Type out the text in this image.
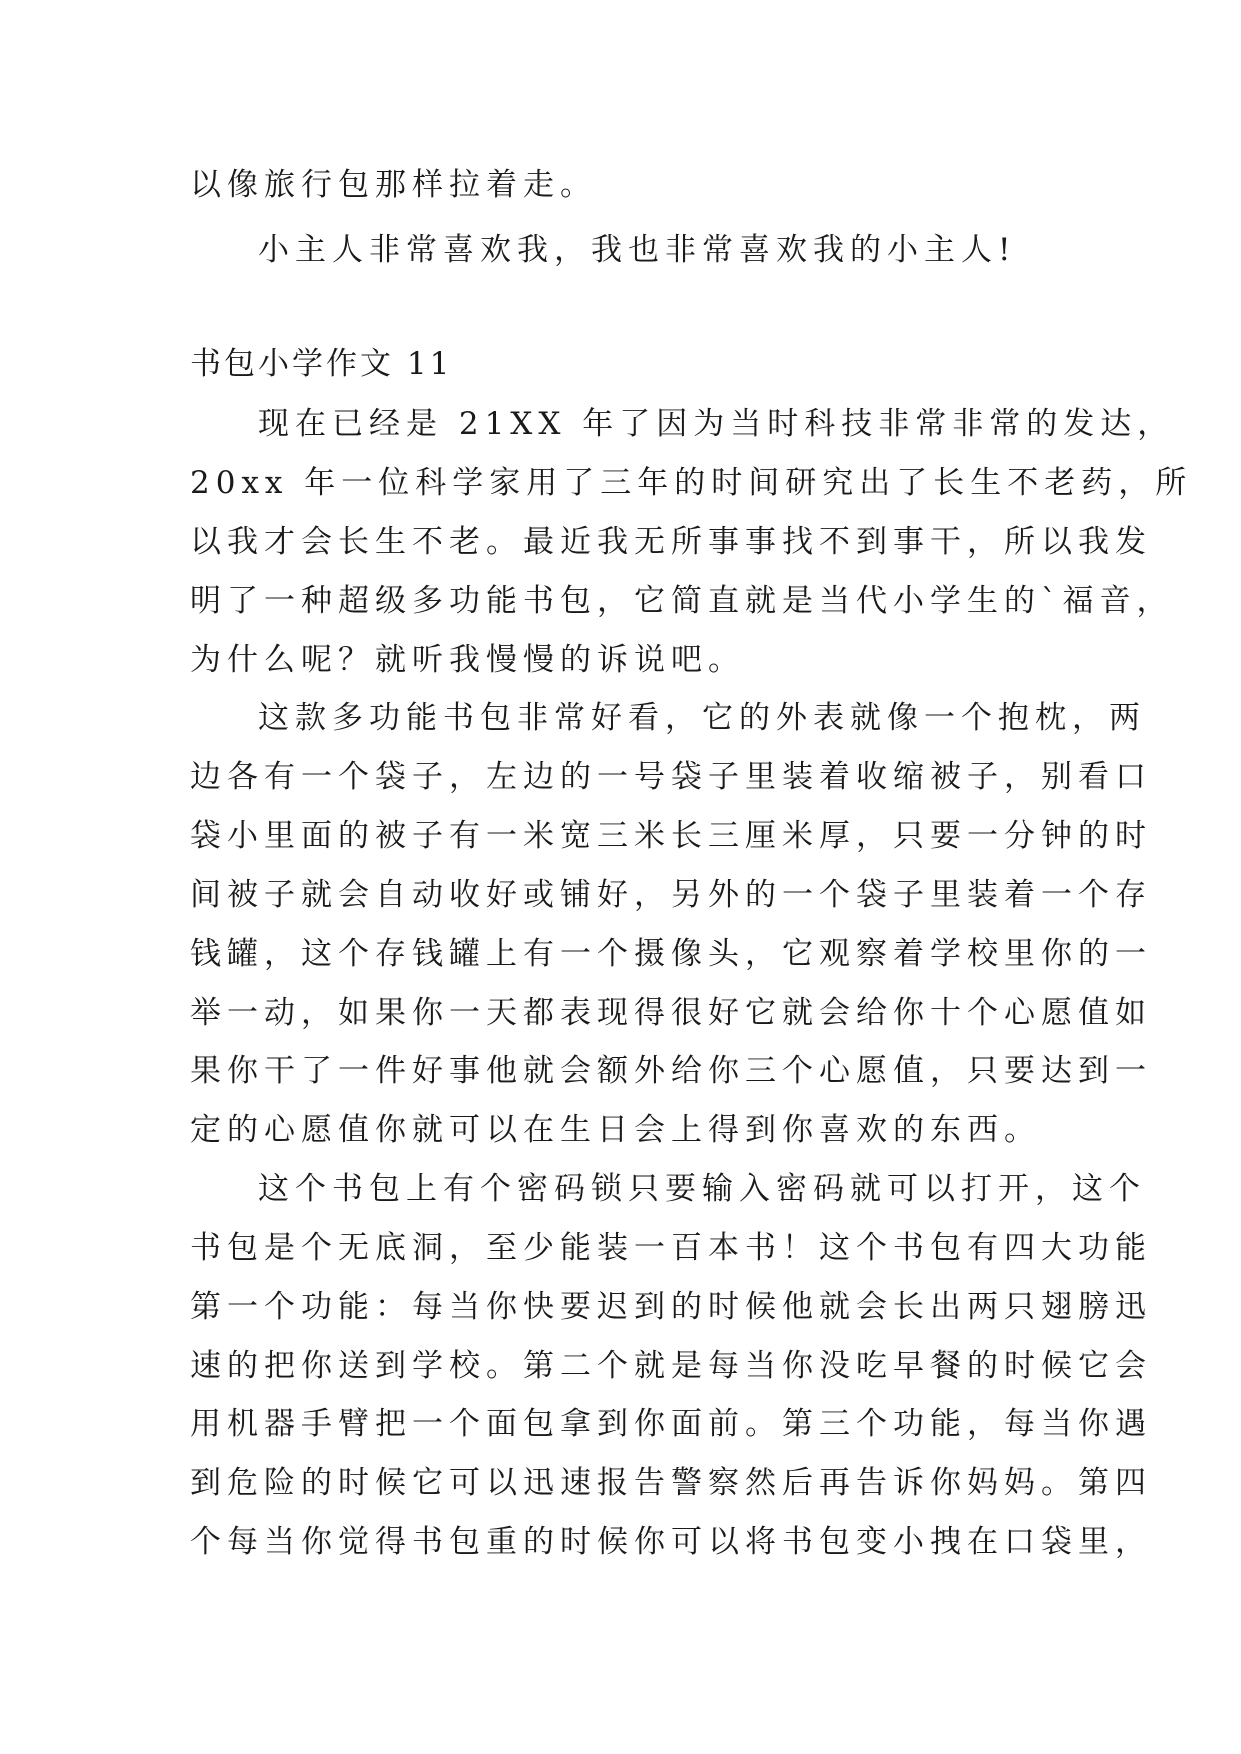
以像旅行包那样拉着走。
小主人非常喜欢我，我也非常喜欢我的小主人!
书包小学作文 11
现在已经是 21XX 年了因为当时科技非常非常的发达，
20xx 年一位科学家用了三年的时间研究出了长生不老药，所
以我才会长生不老。最近我无所事事找不到事干，所以我发
明了一种超级多功能书包，它简直就是当代小学生的`福音，
为什么呢？就听我慢慢的诉说吧。
这款多功能书包非常好看，它的外表就像一个抱枕，两
边各有一个袋子，左边的一号袋子里装着收缩被子，别看口
袋小里面的被子有一米宽三米长三厘米厚，只要一分钟的时
间被子就会自动收好或铺好，另外的一个袋子里装着一个存
钱罐，这个存钱罐上有一个摄像头，它观察着学校里你的一
举一动，如果你一天都表现得很好它就会给你十个心愿值如
果你干了一件好事他就会额外给你三个心愿值，只要达到一
定的心愿值你就可以在生日会上得到你喜欢的东西。
这个书包上有个密码锁只要输入密码就可以打开，这个
书包是个无底洞，至少能装一百本书！这个书包有四大功能
第一个功能：每当你快要迟到的时候他就会长出两只翅膀迅
速的把你送到学校。第二个就是每当你没吃早餐的时候它会
用机器手臂把一个面包拿到你面前。第三个功能，每当你遇
到危险的时候它可以迅速报告警察然后再告诉你妈妈。第四
个每当你觉得书包重的时候你可以将书包变小拽在口袋里，
